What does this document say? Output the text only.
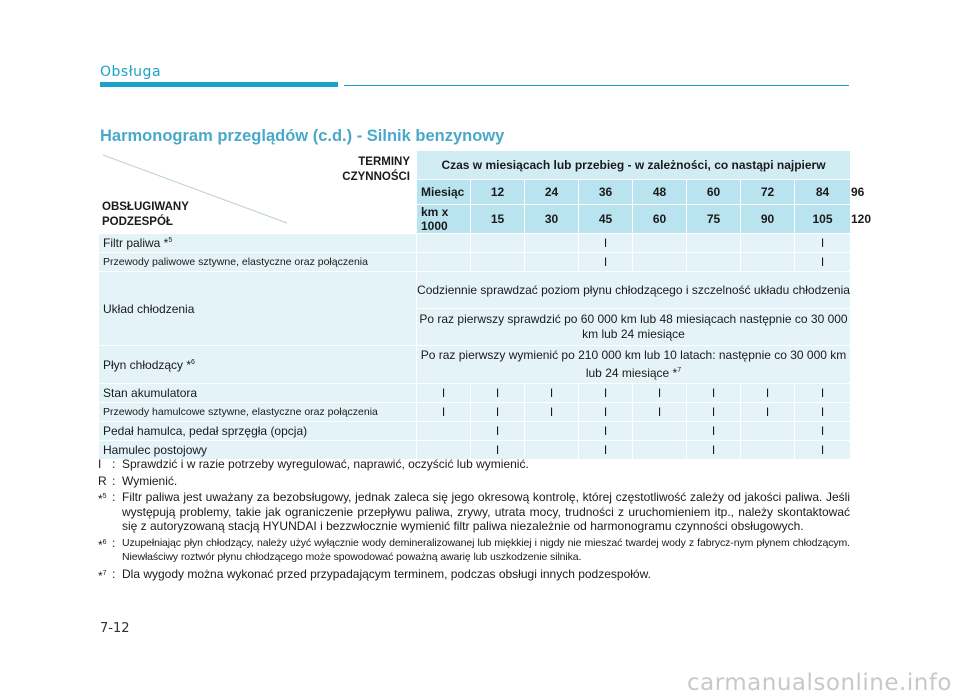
Obsługa
Harmonogram przeglądów (c.d.) - Silnik benzynowy
TERMINY
CZYNNOŚCI
OBSŁUGIWANY
PODZESPÓŁ	Czas w miesiącach lub przebieg - w zależności, co nastąpi najpierw								
	Miesiąc	12	24	36	48	60	72	84	96
	km x 1000	15	30	45	60	75	90	105	120
Filtr paliwa *$^5$				I				I	
Przewody paliwowe sztywne, elastyczne oraz połączenia				I				I	
Układ chłodzenia	Codziennie sprawdzać poziom płynu chłodzącego i szczelność układu chłodzenia								
	Po raz pierwszy sprawdzić po 60 000 km lub 48 miesiącach następnie co 30 000 km lub 24 miesiące								
Płyn chłodzący *$^6$	Po raz pierwszy wymienić po 210 000 km lub 10 latach: następnie co 30 000 km lub 24 miesiące *$^7$
Stan akumulatora	I	I	I	I	I	I	I	I	
Przewody hamulcowe sztywne, elastyczne oraz połączenia	I	I	I	I	I	I	I	I	
Pedał hamulca, pedał sprzęgła (opcja)		I		I		I		I	
Hamulec postojowy		I		I		I		I	
I : Sprawdzić i w razie potrzeby wyregulować, naprawić, oczyścić lub wymienić.
R : Wymienić.
*$^5$ : Filtr paliwa jest uważany za bezobsługowy, jednak zaleca się jego okresową kontrolę, której częstotliwość zależy od jakości paliwa. Jeśli występują problemy, takie jak ograniczenie przepływu paliwa, zrywy, utrata mocy, trudności z uruchomieniem itp., należy skontaktować się z autoryzowaną stacją HYUNDAI i bezzwłocznie wymienić filtr paliwa niezależnie od harmonogramu czynności obsługowych.
*$^6$ : Uzupełniając płyn chłodzący, należy użyć wyłącznie wody demineralizowanej lub miękkiej i nigdy nie mieszać twardej wody z fabrycz-nym płynem chłodzącym. Niewłaściwy roztwór płynu chłodzącego może spowodować poważną awarię lub uszkodzenie silnika.
*$^7$ : Dla wygody można wykonać przed przypadającym terminem, podczas obsługi innych podzespołów.
7-12
carmanualsonline.info
